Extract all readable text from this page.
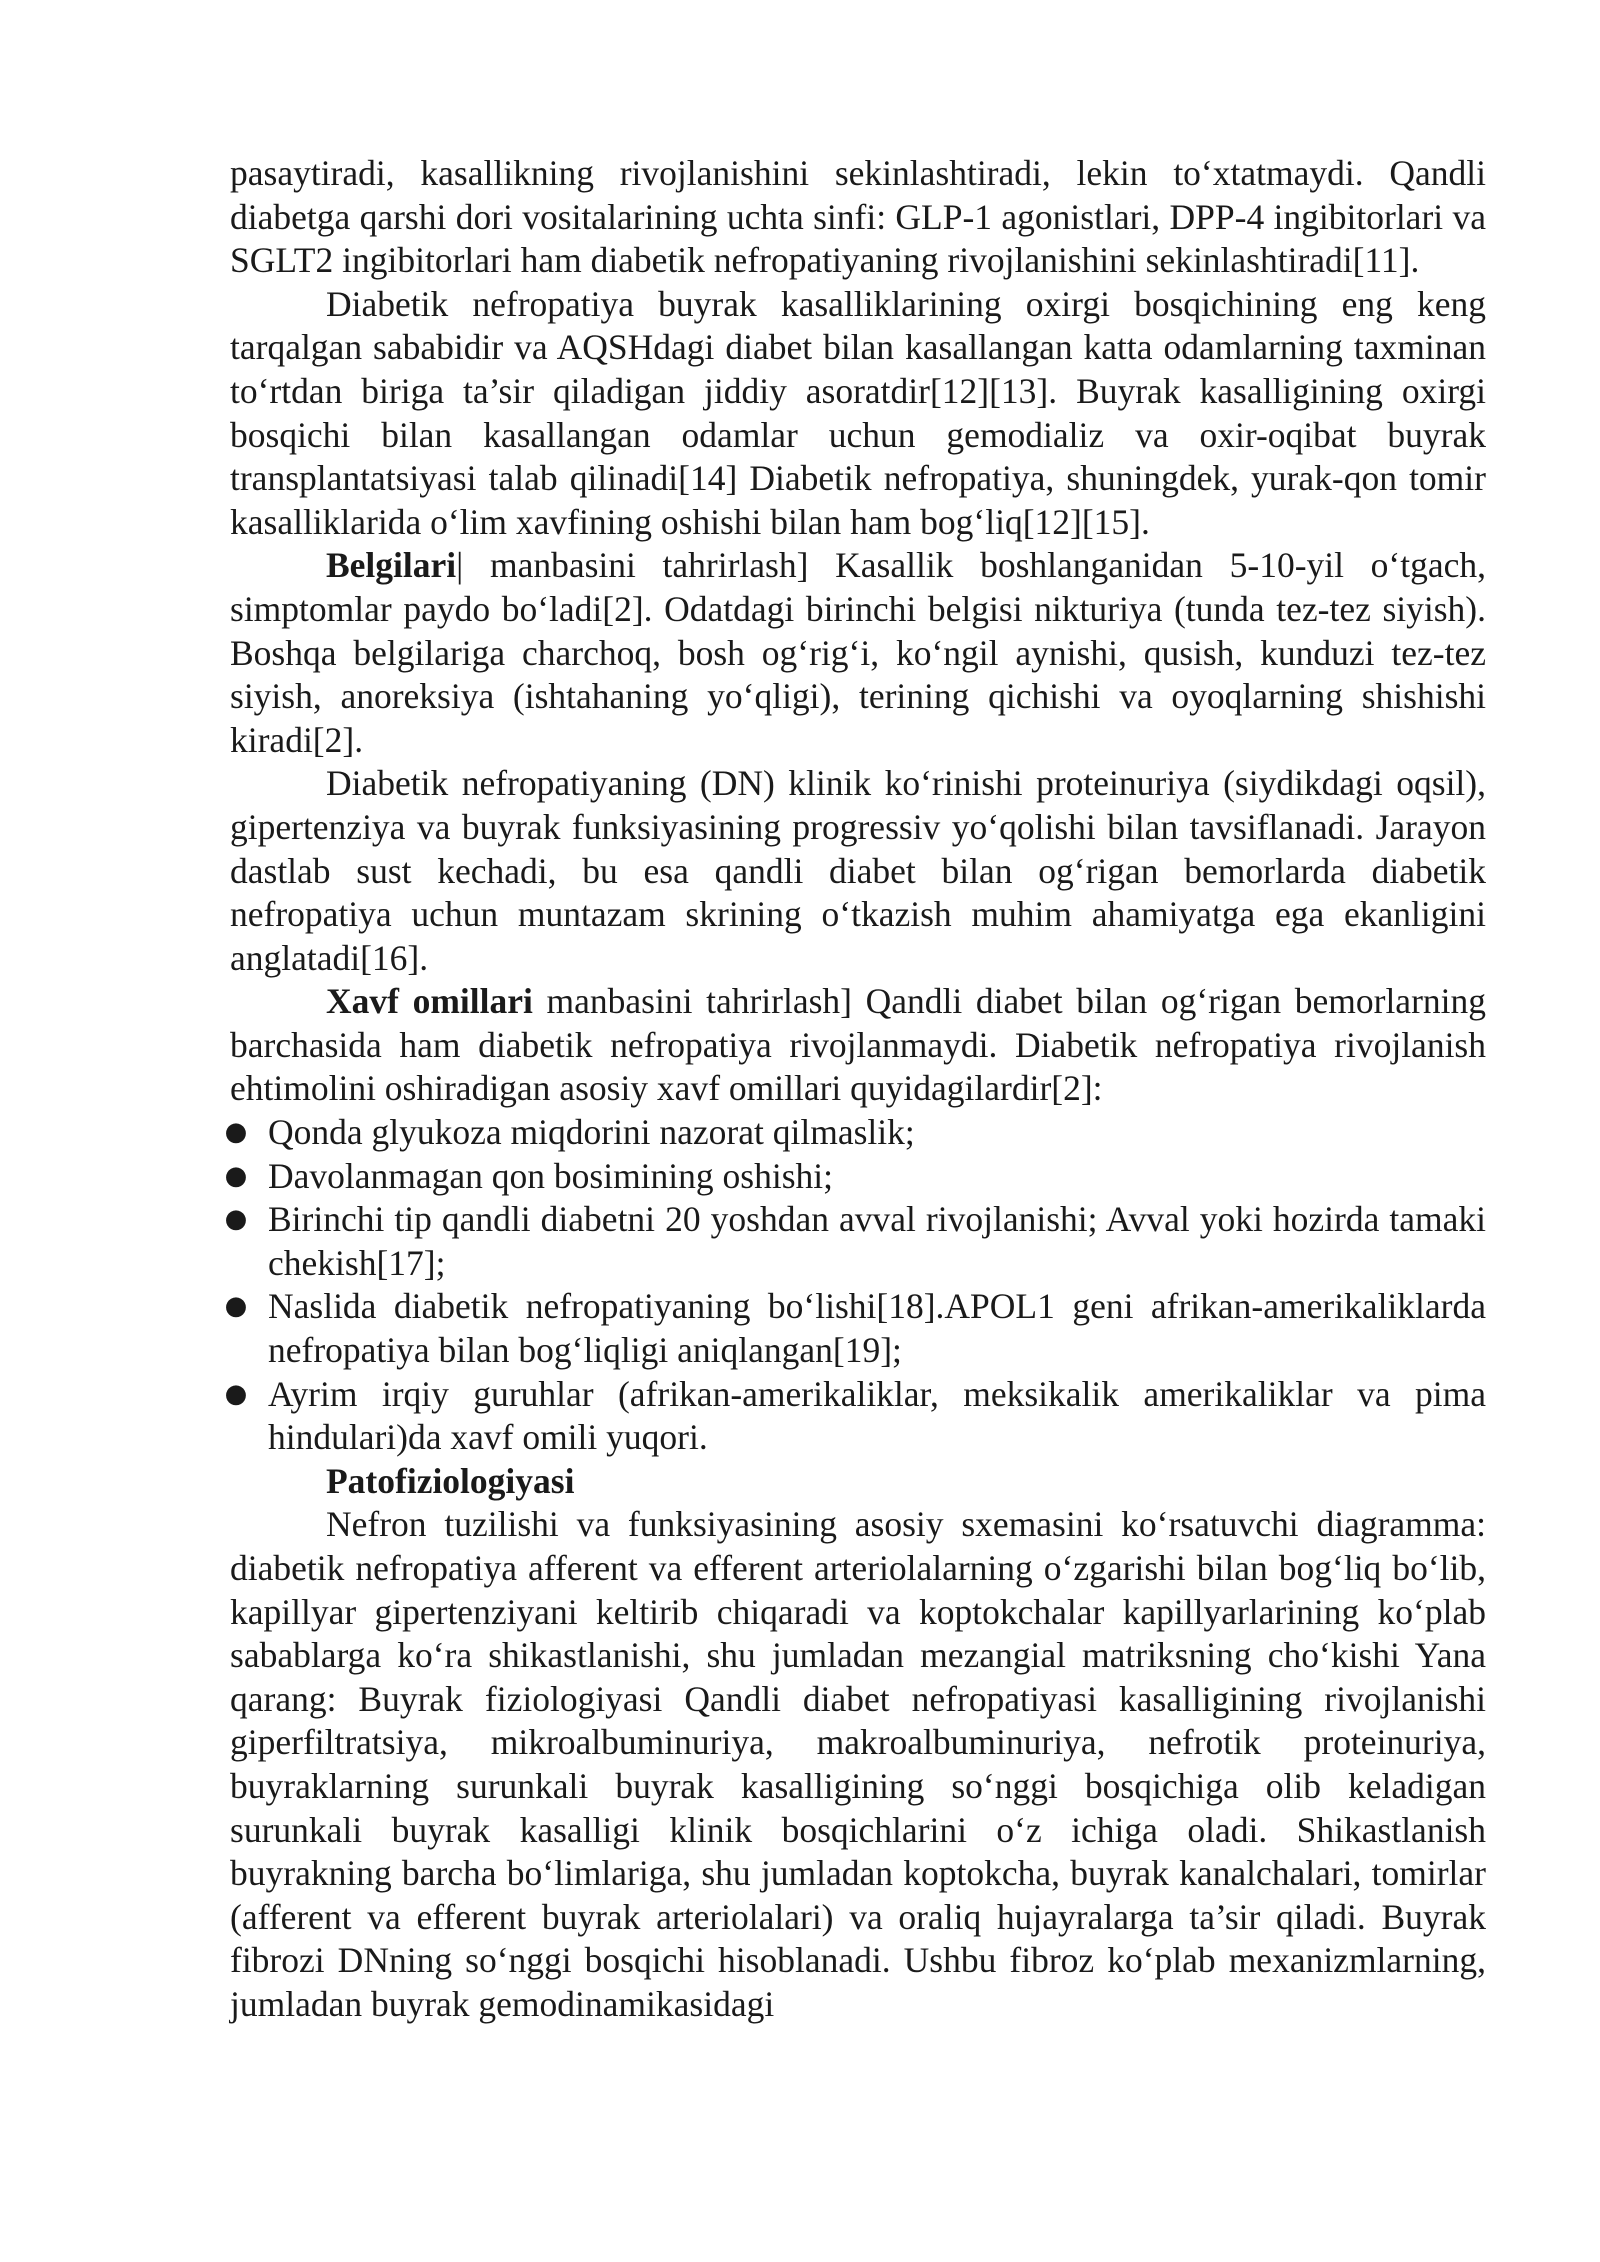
pasaytiradi, kasallikning rivojlanishini sekinlashtiradi, lekin to‘xtatmaydi. Qandli diabetga qarshi dori vositalarining uchta sinfi: GLP-1 agonistlari, DPP-4 ingibitorlari va SGLT2 ingibitorlari ham diabetik nefropatiyaning rivojlanishini sekinlashtiradi[11].

Diabetik nefropatiya buyrak kasalliklarining oxirgi bosqichining eng keng tarqalgan sababidir va AQSHdagi diabet bilan kasallangan katta odamlarning taxminan to‘rtdan biriga ta’sir qiladigan jiddiy asoratdir[12][13]. Buyrak kasalligining oxirgi bosqichi bilan kasallangan odamlar uchun gemodializ va oxir-oqibat buyrak transplantatsiyasi talab qilinadi[14] Diabetik nefropatiya, shuningdek, yurak-qon tomir kasalliklarida o‘lim xavfining oshishi bilan ham bog‘liq[12][15].

Belgilari| manbasini tahrirlash] Kasallik boshlanganidan 5-10-yil o‘tgach, simptomlar paydo bo‘ladi[2]. Odatdagi birinchi belgisi nikturiya (tunda tez-tez siyish). Boshqa belgilariga charchoq, bosh og‘rig‘i, ko‘ngil aynishi, qusish, kunduzi tez-tez siyish, anoreksiya (ishtahaning yo‘qligi), terining qichishi va oyoqlarning shishishi kiradi[2].

Diabetik nefropatiyaning (DN) klinik ko‘rinishi proteinuriya (siydikdagi oqsil), gipertenziya va buyrak funksiyasining progressiv yo‘qolishi bilan tavsiflanadi. Jarayon dastlab sust kechadi, bu esa qandli diabet bilan og‘rigan bemorlarda diabetik nefropatiya uchun muntazam skrining o‘tkazish muhim ahamiyatga ega ekanligini anglatadi[16].

Xavf omillari manbasini tahrirlash] Qandli diabet bilan og‘rigan bemorlarning barchasida ham diabetik nefropatiya rivojlanmaydi. Diabetik nefropatiya rivojlanish ehtimolini oshiradigan asosiy xavf omillari quyidagilardir[2]:

● Qonda glyukoza miqdorini nazorat qilmaslik;
● Davolanmagan qon bosimining oshishi;
● Birinchi tip qandli diabetni 20 yoshdan avval rivojlanishi; Avval yoki hozirda tamaki chekish[17];
● Naslida diabetik nefropatiyaning bo‘lishi[18].APOL1 geni afrikan-amerikaliklarda nefropatiya bilan bog‘liqligi aniqlangan[19];
● Ayrim irqiy guruhlar (afrikan-amerikaliklar, meksikalik amerikaliklar va pima hindulari)da xavf omili yuqori.

Patofiziologiyasi

Nefron tuzilishi va funksiyasining asosiy sxemasini ko‘rsatuvchi diagramma: diabetik nefropatiya afferent va efferent arteriolalarning o‘zgarishi bilan bog‘liq bo‘lib, kapillyar gipertenziyani keltirib chiqaradi va koptokchalar kapillyarlarining ko‘plab sabablarga ko‘ra shikastlanishi, shu jumladan mezangial matriksning cho‘kishi Yana qarang: Buyrak fiziologiyasi Qandli diabet nefropatiyasi kasalligining rivojlanishi giperfiltratsiya, mikroalbuminuriya, makroalbuminuriya, nefrotik proteinuriya, buyraklarning surunkali buyrak kasalligining so‘nggi bosqichiga olib keladigan surunkali buyrak kasalligi klinik bosqichlarini o‘z ichiga oladi. Shikastlanish buyrakning barcha bo‘limlariga, shu jumladan koptokcha, buyrak kanalchalari, tomirlar (afferent va efferent buyrak arteriolalari) va oraliq hujayralarga ta’sir qiladi. Buyrak fibrozi DNning so‘nggi bosqichi hisoblanadi. Ushbu fibroz ko‘plab mexanizmlarning, jumladan buyrak gemodinamikasidagi
